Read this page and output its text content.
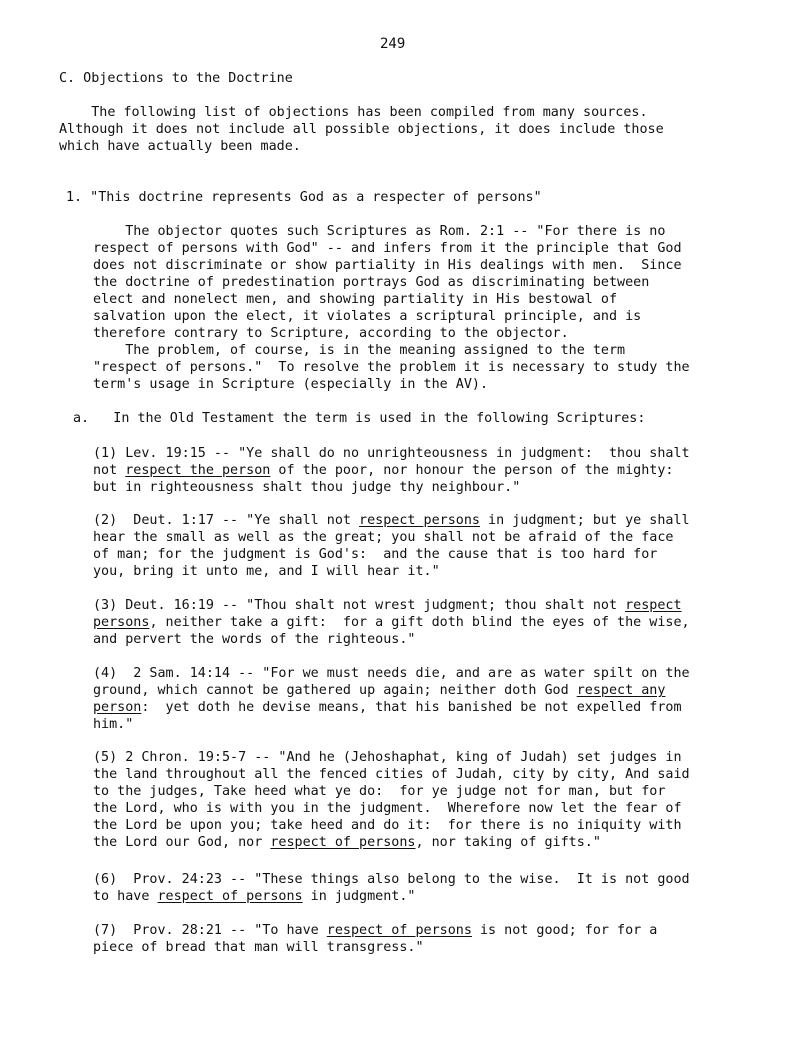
249
C. Objections to the Doctrine
The following list of objections has been compiled from many sources.
Although it does not include all possible objections, it does include those
which have actually been made.
1. "This doctrine represents God as a respecter of persons"
The objector quotes such Scriptures as Rom. 2:1 -- "For there is no
respect of persons with God" -- and infers from it the principle that God
does not discriminate or show partiality in His dealings with men.  Since
the doctrine of predestination portrays God as discriminating between
elect and nonelect men, and showing partiality in His bestowal of
salvation upon the elect, it violates a scriptural principle, and is
therefore contrary to Scripture, according to the objector.
The problem, of course, is in the meaning assigned to the term
"respect of persons."  To resolve the problem it is necessary to study the
term's usage in Scripture (especially in the AV).
a.   In the Old Testament the term is used in the following Scriptures:
(1) Lev. 19:15 -- "Ye shall do no unrighteousness in judgment:  thou shalt
not respect the person of the poor, nor honour the person of the mighty:
but in righteousness shalt thou judge thy neighbour."
(2)  Deut. 1:17 -- "Ye shall not respect persons in judgment; but ye shall
hear the small as well as the great; you shall not be afraid of the face
of man; for the judgment is God's:  and the cause that is too hard for
you, bring it unto me, and I will hear it."
(3) Deut. 16:19 -- "Thou shalt not wrest judgment; thou shalt not respect
persons, neither take a gift:  for a gift doth blind the eyes of the wise,
and pervert the words of the righteous."
(4)  2 Sam. 14:14 -- "For we must needs die, and are as water spilt on the
ground, which cannot be gathered up again; neither doth God respect any
person:  yet doth he devise means, that his banished be not expelled from
him."
(5) 2 Chron. 19:5-7 -- "And he (Jehoshaphat, king of Judah) set judges in
the land throughout all the fenced cities of Judah, city by city, And said
to the judges, Take heed what ye do:  for ye judge not for man, but for
the Lord, who is with you in the judgment.  Wherefore now let the fear of
the Lord be upon you; take heed and do it:  for there is no iniquity with
the Lord our God, nor respect of persons, nor taking of gifts."
(6)  Prov. 24:23 -- "These things also belong to the wise.  It is not good
to have respect of persons in judgment."
(7)  Prov. 28:21 -- "To have respect of persons is not good; for for a
piece of bread that man will transgress."
